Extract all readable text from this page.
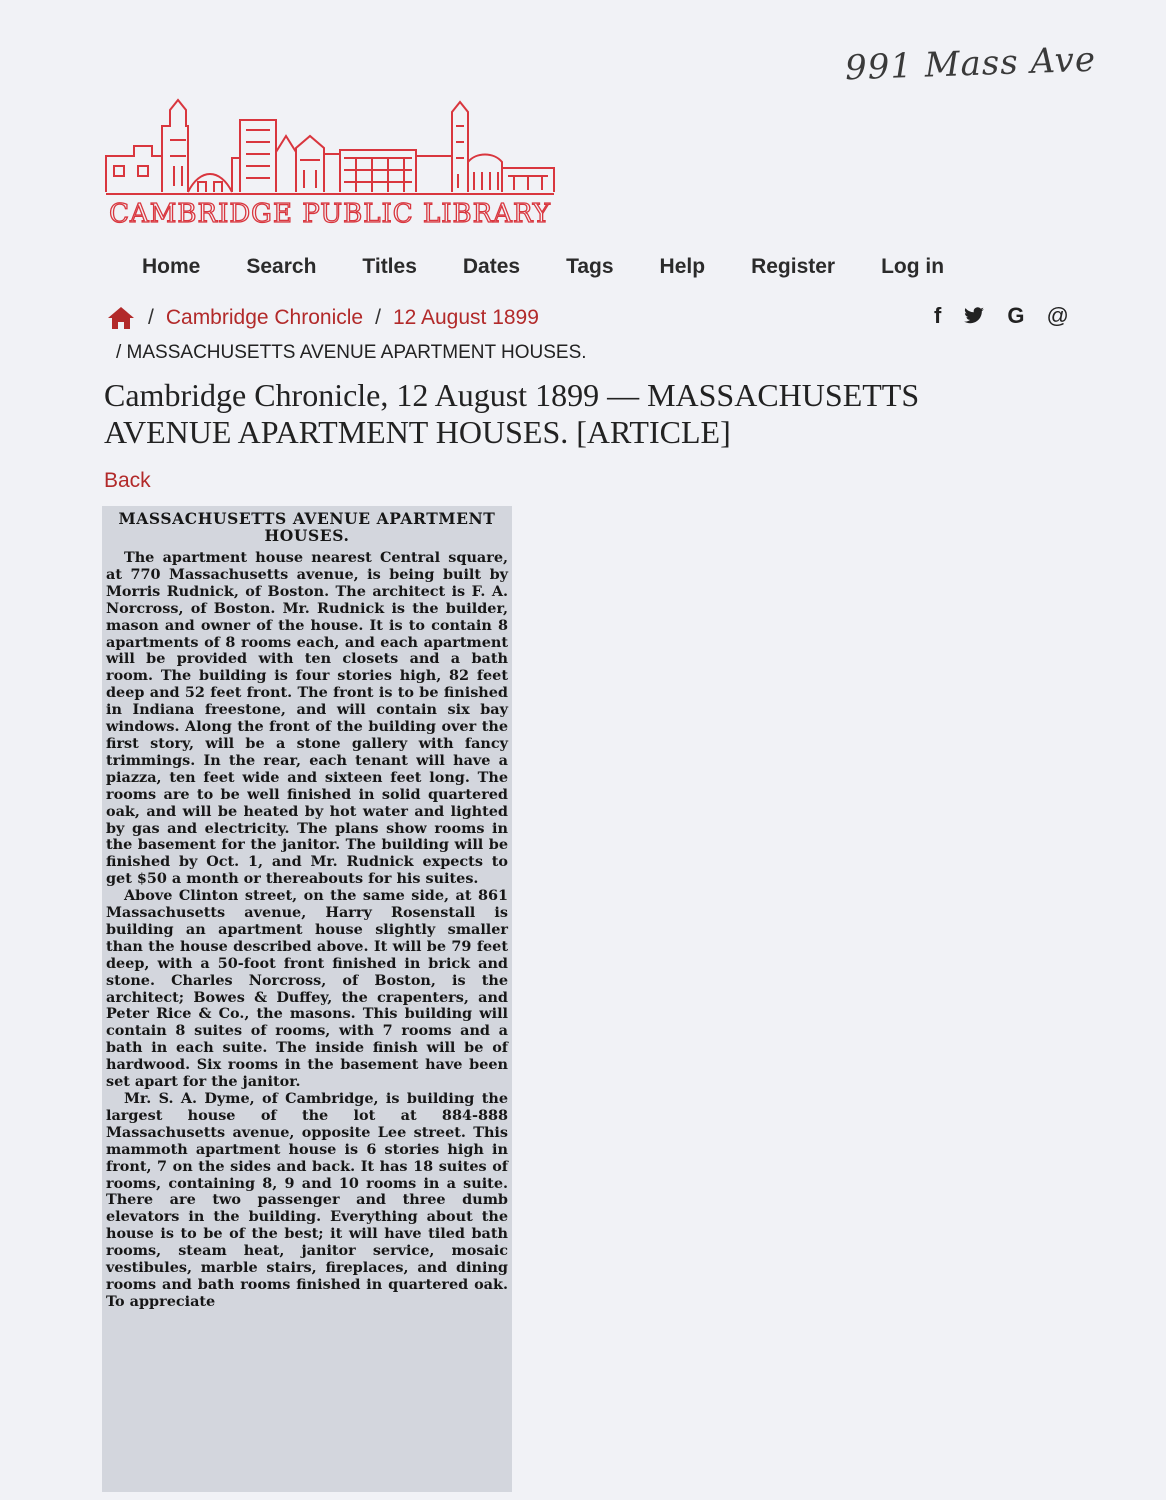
991 Mass Ave
CAMBRIDGE PUBLIC LIBRARY
Home Search Titles Dates Tags Help Register Log in
/ Cambridge Chronicle / 12 August 1899
/ MASSACHUSETTS AVENUE APARTMENT HOUSES.
f	G @
Cambridge Chronicle, 12 August 1899 — MASSACHUSETTS AVENUE APARTMENT HOUSES. [ARTICLE]
Back
MASSACHUSETTS AVENUE APARTMENT HOUSES.

The apartment house nearest Central square, at 770 Massachusetts avenue, is being built by Morris Rudnick, of Boston. The architect is F. A. Norcross, of Boston. Mr. Rudnick is the builder, mason and owner of the house. It is to contain 8 apartments of 8 rooms each, and each apartment will be provided with ten closets and a bath room. The building is four stories high, 82 feet deep and 52 feet front. The front is to be finished in Indiana freestone, and will contain six bay windows. Along the front of the building over the first story, will be a stone gallery with fancy trimmings. In the rear, each tenant will have a piazza, ten feet wide and sixteen feet long. The rooms are to be well finished in solid quartered oak, and will be heated by hot water and lighted by gas and electricity. The plans show rooms in the basement for the janitor. The building will be finished by Oct. 1, and Mr. Rudnick expects to get $50 a month or thereabouts for his suites.

Above Clinton street, on the same side, at 861 Massachusetts avenue, Harry Rosenstall is building an apartment house slightly smaller than the house described above. It will be 79 feet deep, with a 50-foot front finished in brick and stone. Charles Norcross, of Boston, is the architect; Bowes & Duffey, the crapenters, and Peter Rice & Co., the masons. This building will contain 8 suites of rooms, with 7 rooms and a bath in each suite. The inside finish will be of hardwood. Six rooms in the basement have been set apart for the janitor.

Mr. S. A. Dyme, of Cambridge, is building the largest house of the lot at 884-888 Massachusetts avenue, opposite Lee street. This mammoth apartment house is 6 stories high in front, 7 on the sides and back. It has 18 suites of rooms, containing 8, 9 and 10 rooms in a suite. There are two passenger and three dumb elevators in the building. Everything about the house is to be of the best; it will have tiled bath rooms, steam heat, janitor service, mosaic vestibules, marble stairs, fireplaces, and dining rooms and bath rooms finished in quartered oak. To appreciate
